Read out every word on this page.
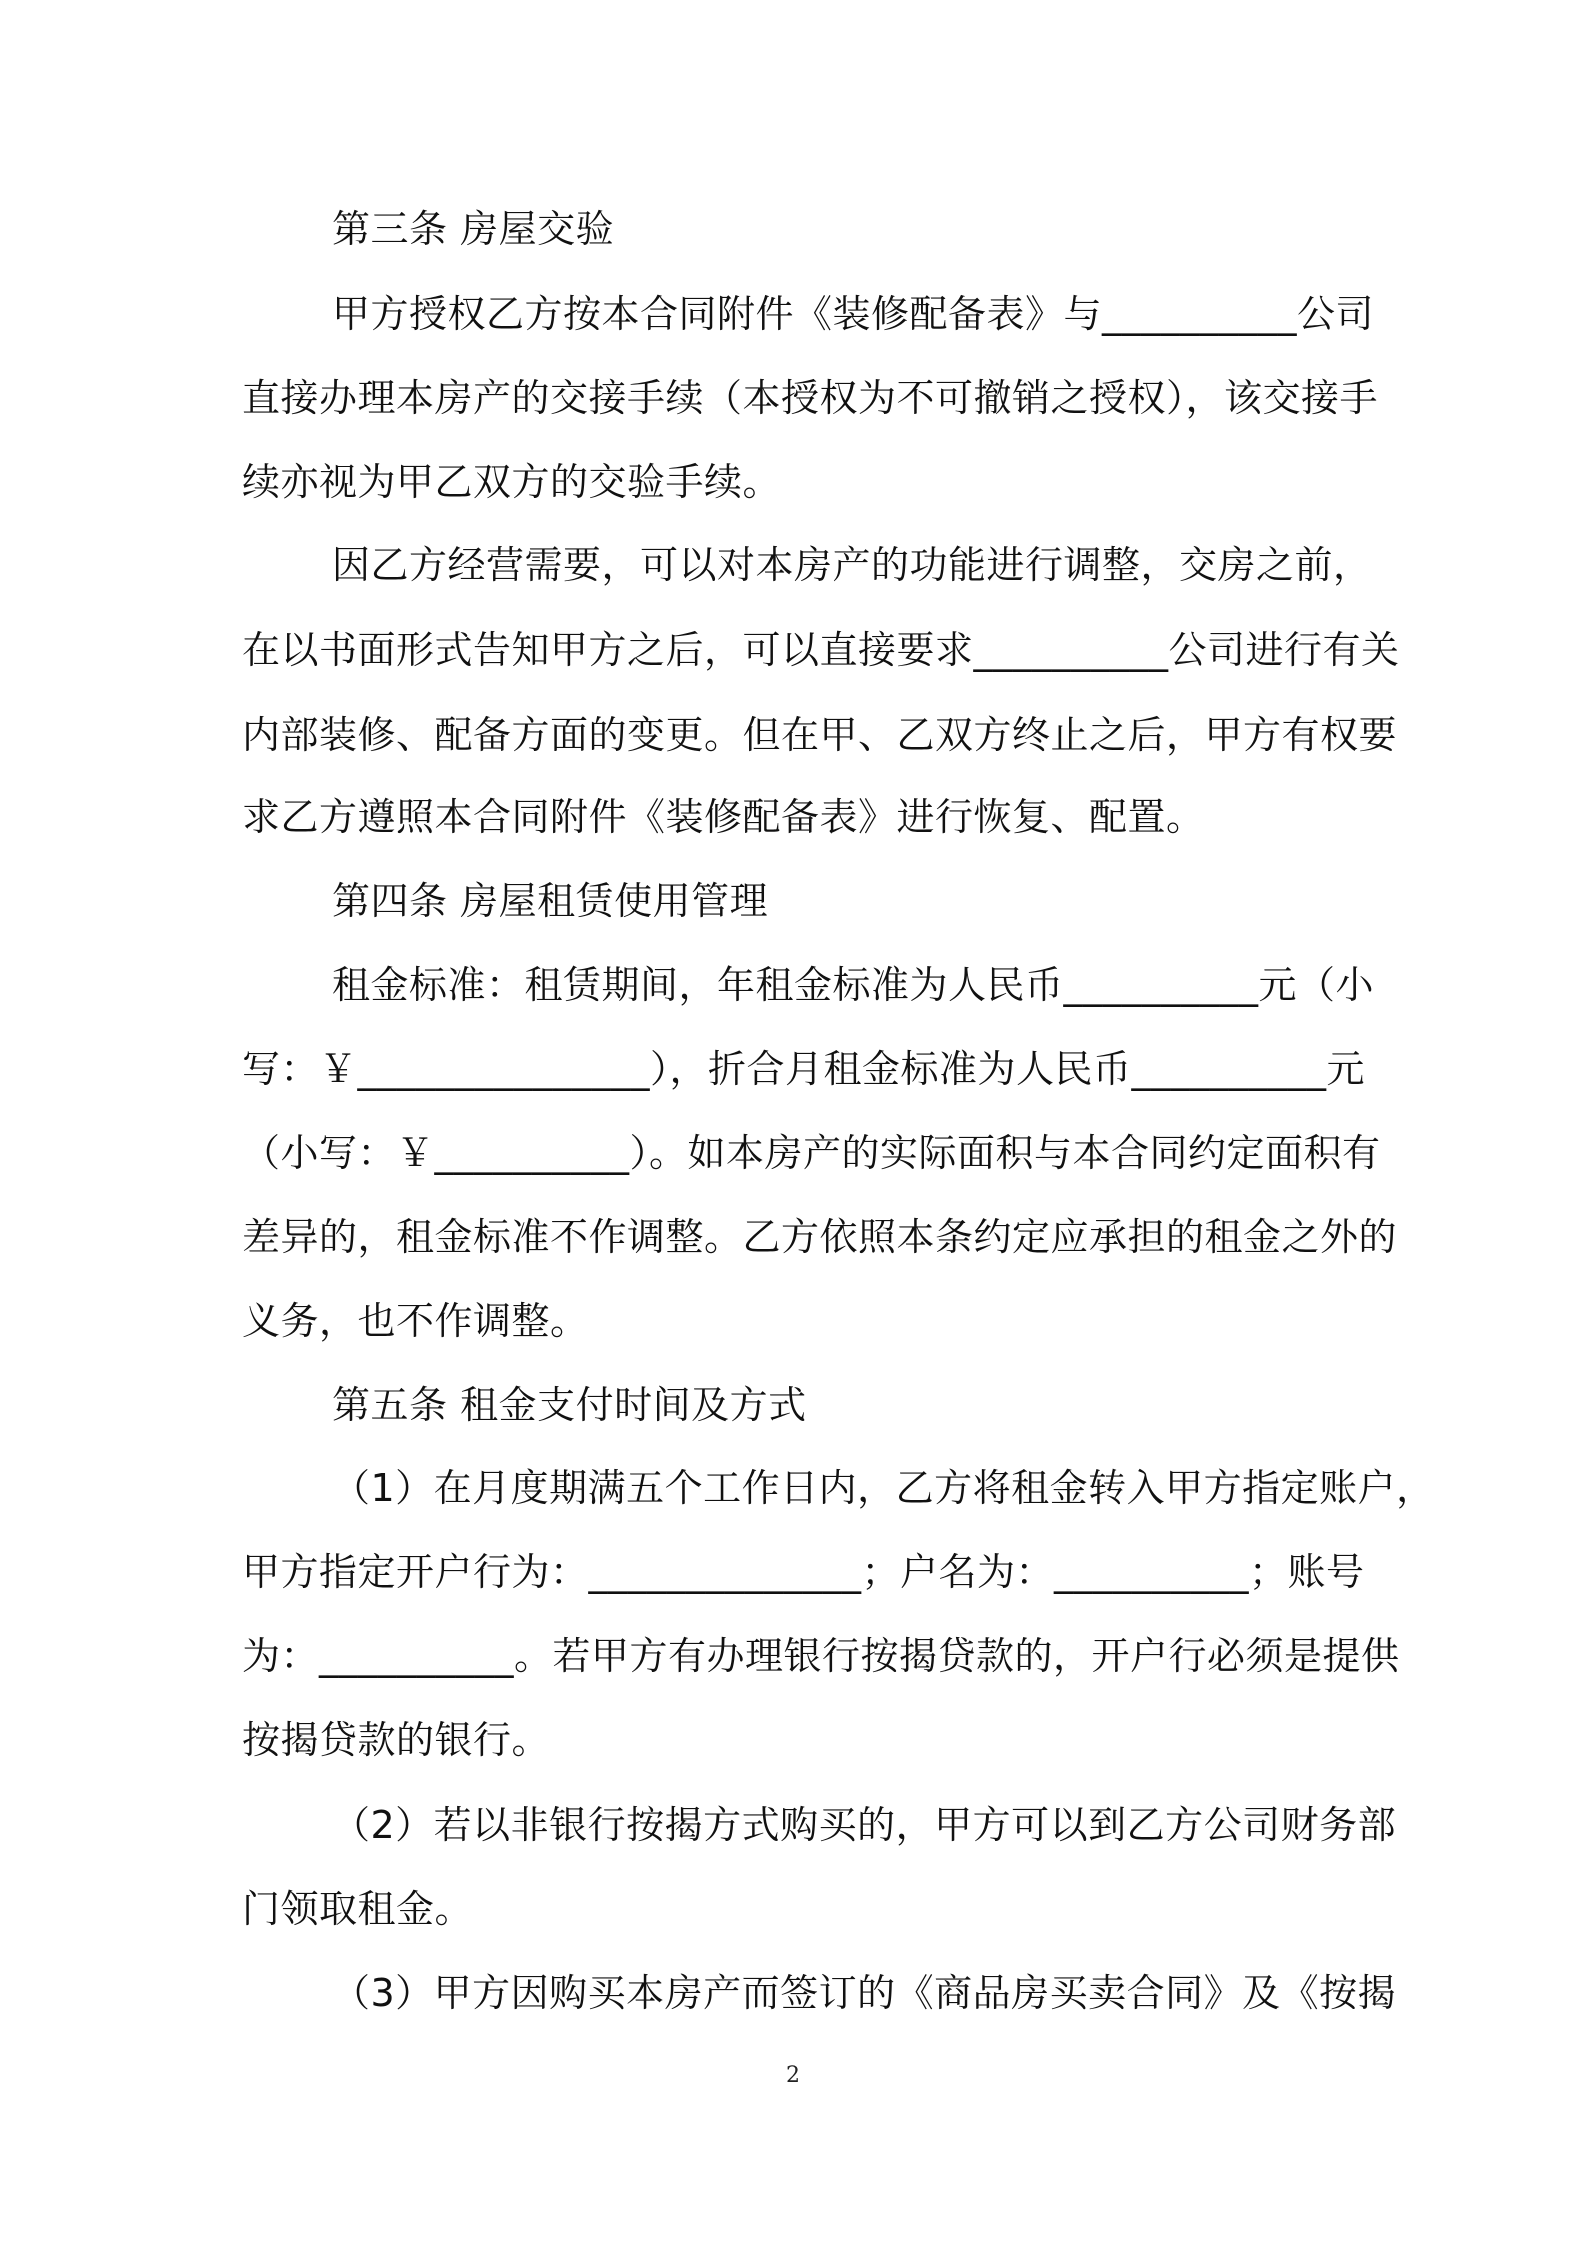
第三条 房屋交验
甲方授权乙方按本合同附件《装修配备表》与__________公司
直接办理本房产的交接手续（本授权为不可撤销之授权），该交接手
续亦视为甲乙双方的交验手续。
因乙方经营需要，可以对本房产的功能进行调整，交房之前，
在以书面形式告知甲方之后，可以直接要求__________公司进行有关
内部装修、配备方面的变更。但在甲、乙双方终止之后，甲方有权要
求乙方遵照本合同附件《装修配备表》进行恢复、配置。
第四条 房屋租赁使用管理
租金标准：租赁期间，年租金标准为人民币__________元（小
写：￥_______________），折合月租金标准为人民币__________元
（小写：￥__________）。如本房产的实际面积与本合同约定面积有
差异的，租金标准不作调整。乙方依照本条约定应承担的租金之外的
义务，也不作调整。
第五条 租金支付时间及方式
（1）在月度期满五个工作日内，乙方将租金转入甲方指定账户，
甲方指定开户行为：______________；户名为：__________；账号
为：__________。若甲方有办理银行按揭贷款的，开户行必须是提供
按揭贷款的银行。
（2）若以非银行按揭方式购买的，甲方可以到乙方公司财务部
门领取租金。
（3）甲方因购买本房产而签订的《商品房买卖合同》及《按揭
2
